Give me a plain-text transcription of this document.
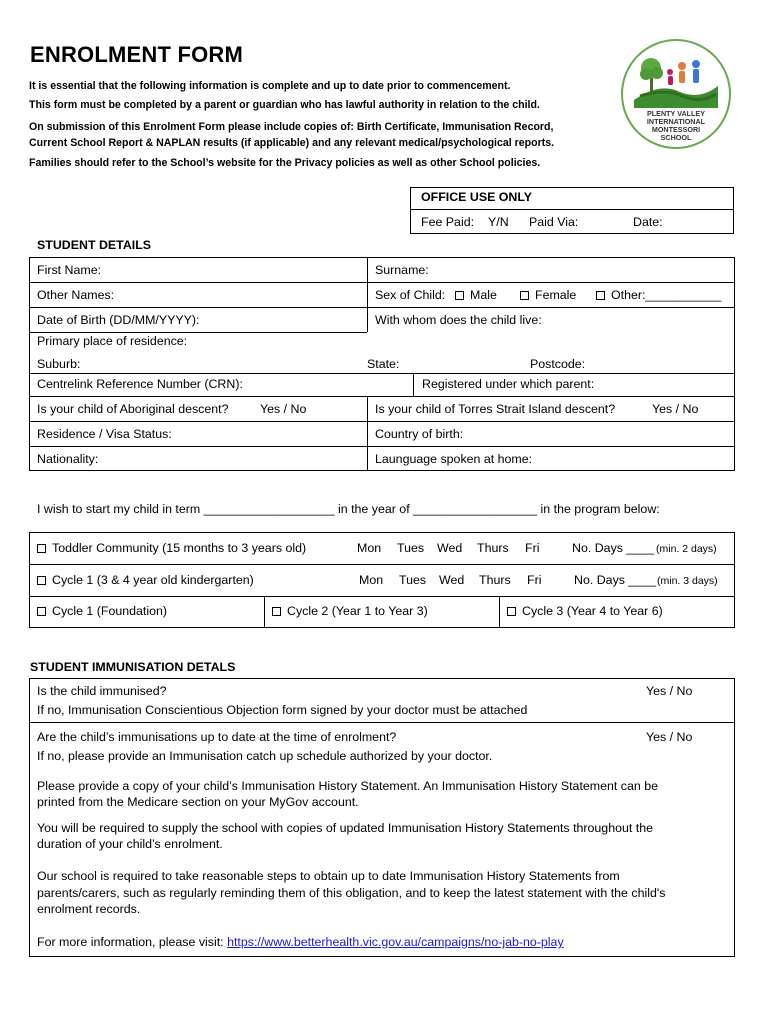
ENROLMENT FORM
It is essential that the following information is complete and up to date prior to commencement.
This form must be completed by a parent or guardian who has lawful authority in relation to the child.
On submission of this Enrolment Form please include copies of: Birth Certificate, Immunisation Record,
Current School Report & NAPLAN results (if applicable) and any relevant medical/psychological reports.
Families should refer to the School’s website for the Privacy policies as well as other School policies.
PLENTY VALLEY
INTERNATIONAL
MONTESSORI
SCHOOL
OFFICE USE ONLY
Fee Paid: Y/N Paid Via:	Date:
STUDENT DETAILS
First Name:	Surname:
Other Names:	Sex of Child:	Male	Female	Other:___________
Date of Birth (DD/MM/YYYY):	With whom does the child live:
Primary place of residence:
Suburb:	State:	Postcode:
Centrelink Reference Number (CRN):	Registered under which parent:
Is your child of Aboriginal descent?	Yes / No	Is your child of Torres Strait Island descent?	Yes / No
Residence / Visa Status:	Country of birth:
Nationality:	Launguage spoken at home:
I wish to start my child in term ___________________ in the year of __________________ in the program below:
Toddler Community (15 months to 3 years old)	Mon Tues Wed Thurs Fri	No. Days ____ (min. 2 days)
Cycle 1 (3 & 4 year old kindergarten)	Mon Tues Wed Thurs Fri	No. Days ____ (min. 3 days)
Cycle 1 (Foundation)	Cycle 2 (Year 1 to Year 3)	Cycle 3 (Year 4 to Year 6)
STUDENT IMMUNISATION DETALS
Is the child immunised?	Yes / No
If no, Immunisation Conscientious Objection form signed by your doctor must be attached
Are the child’s immunisations up to date at the time of enrolment?	Yes / No
If no, please provide an Immunisation catch up schedule authorized by your doctor.
Please provide a copy of your child’s Immunisation History Statement. An Immunisation History Statement can be
printed from the Medicare section on your MyGov account.
You will be required to supply the school with copies of updated Immunisation History Statements throughout the
duration of your child’s enrolment.
Our school is required to take reasonable steps to obtain up to date Immunisation History Statements from
parents/carers, such as regularly reminding them of this obligation, and to keep the latest statement with the child's
enrolment records.
For more information, please visit: https://www.betterhealth.vic.gov.au/campaigns/no-jab-no-play
